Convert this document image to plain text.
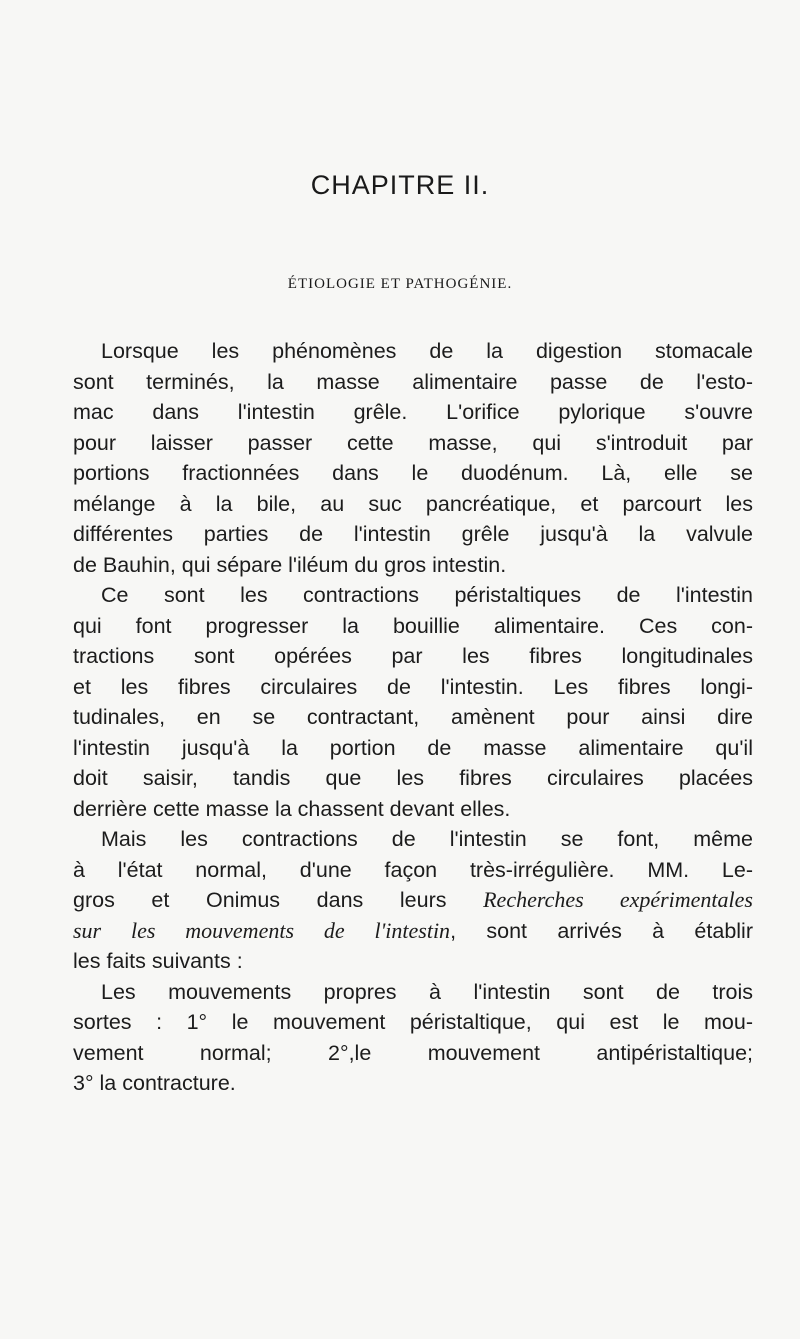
CHAPITRE II.
ÉTIOLOGIE ET PATHOGÉNIE.
Lorsque les phénomènes de la digestion stomacale
sont terminés, la masse alimentaire passe de l'esto-
mac dans l'intestin grêle. L'orifice pylorique s'ouvre
pour laisser passer cette masse, qui s'introduit par
portions fractionnées dans le duodénum. Là, elle se
mélange à la bile, au suc pancréatique, et parcourt les
différentes parties de l'intestin grêle jusqu'à la valvule
de Bauhin, qui sépare l'iléum du gros intestin.
Ce sont les contractions péristaltiques de l'intestin
qui font progresser la bouillie alimentaire. Ces con-
tractions sont opérées par les fibres longitudinales
et les fibres circulaires de l'intestin. Les fibres longi-
tudinales, en se contractant, amènent pour ainsi dire
l'intestin jusqu'à la portion de masse alimentaire qu'il
doit saisir, tandis que les fibres circulaires placées
derrière cette masse la chassent devant elles.
Mais les contractions de l'intestin se font, même
à l'état normal, d'une façon très-irrégulière. MM. Le-
gros et Onimus dans leurs Recherches expérimentales
sur les mouvements de l'intestin, sont arrivés à établir
les faits suivants :
Les mouvements propres à l'intestin sont de trois
sortes : 1° le mouvement péristaltique, qui est le mou-
vement normal; 2°,le mouvement antipéristaltique;
3° la contracture.
